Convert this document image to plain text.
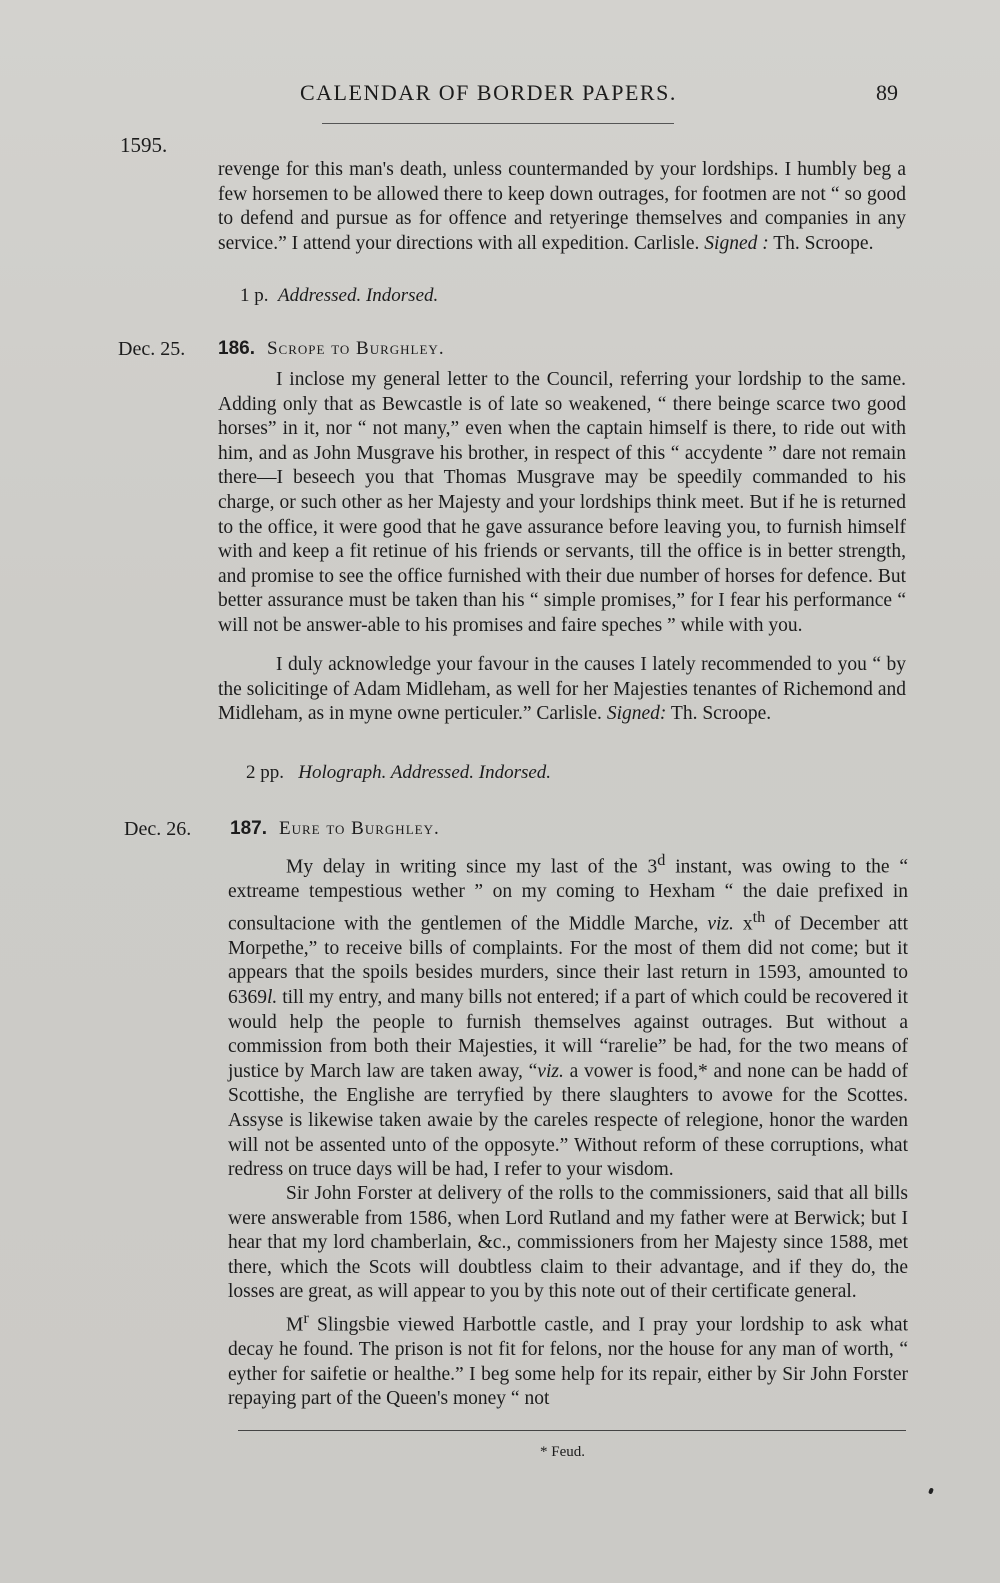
CALENDAR OF BORDER PAPERS.	89
1595.

revenge for this man's death, unless countermanded by your lordships. I humbly beg a few horsemen to be allowed there to keep down outrages, for footmen are not “ so good to defend and pursue as for offence and retyeringe themselves and companies in any service.” I attend your directions with all expedition. Carlisle. Signed : Th. Scroope.

1 p. Addressed. Indorsed.
Dec. 25. 186. Scrope to Burghley.

I inclose my general letter to the Council, referring your lordship to the same. Adding only that as Bewcastle is of late so weakened, “ there beinge scarce two good horses” in it, nor “ not many,” even when the captain himself is there, to ride out with him, and as John Musgrave his brother, in respect of this “ accydente ” dare not remain there—I beseech you that Thomas Musgrave may be speedily commanded to his charge, or such other as her Majesty and your lordships think meet. But if he is returned to the office, it were good that he gave assurance before leaving you, to furnish himself with and keep a fit retinue of his friends or servants, till the office is in better strength, and promise to see the office furnished with their due number of horses for defence. But better assurance must be taken than his “ simple promises,” for I fear his performance “ will not be answer-able to his promises and faire speches ” while with you.

I duly acknowledge your favour in the causes I lately recommended to you “ by the solicitinge of Adam Midleham, as well for her Majesties tenantes of Richemond and Midleham, as in myne owne perticuler.” Carlisle. Signed: Th. Scroope.

2 pp. Holograph. Addressed. Indorsed.
Dec. 26. 187. Eure to Burghley.

My delay in writing since my last of the 3$^d$ instant, was owing to the “ extreame tempestious wether ” on my coming to Hexham “ the daie prefixed in consultacione with the gentlemen of the Middle Marche, viz. $x^{th}$ of December att Morpethe,” to receive bills of complaints. For the most of them did not come; but it appears that the spoils besides murders, since their last return in 1593, amounted to 6369l. till my entry, and many bills not entered; if a part of which could be recovered it would help the people to furnish themselves against outrages. But without a commission from both their Majesties, it will “rarelie” be had, for the two means of justice by March law are taken away, “viz. a vower is food,* and none can be hadd of Scottishe, the Englishe are terryfied by there slaughters to avowe for the Scottes. Assyse is likewise taken awaie by the careles respecte of relegione, honor the warden will not be assented unto of the opposyte.” Without reform of these corruptions, what redress on truce days will be had, I refer to your wisdom.

Sir John Forster at delivery of the rolls to the commissioners, said that all bills were answerable from 1586, when Lord Rutland and my father were at Berwick; but I hear that my lord chamberlain, &c., commissioners from her Majesty since 1588, met there, which the Scots will doubtless claim to their advantage, and if they do, the losses are great, as will appear to you by this note out of their certificate general.

$M^r$ Slingsbie viewed Harbottle castle, and I pray your lordship to ask what decay he found. The prison is not fit for felons, nor the house for any man of worth, “ eyther for saifetie or healthe.” I beg some help for its repair, either by Sir John Forster repaying part of the Queen's money “ not

* Feud.
